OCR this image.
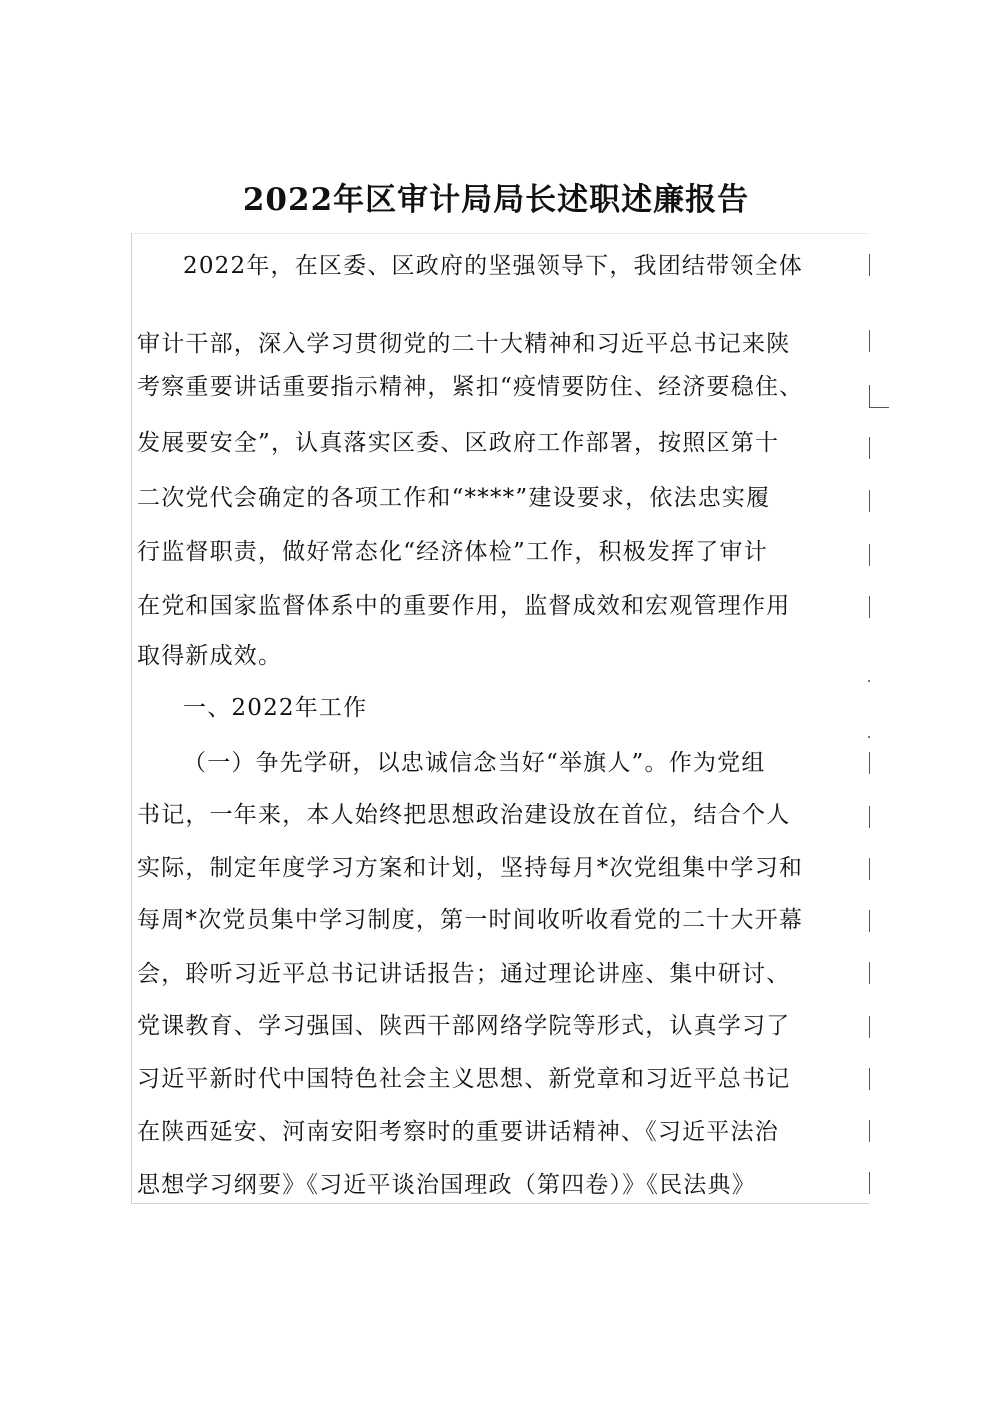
2022年区审计局局长述职述廉报告
2022年，在区委、区政府的坚强领导下，我团结带领全体
审计干部，深入学习贯彻党的二十大精神和习近平总书记来陕
考察重要讲话重要指示精神，紧扣“疫情要防住、经济要稳住、
发展要安全”，认真落实区委、区政府工作部署，按照区第十
二次党代会确定的各项工作和“****”建设要求，依法忠实履
行监督职责，做好常态化“经济体检”工作，积极发挥了审计
在党和国家监督体系中的重要作用，监督成效和宏观管理作用
取得新成效。
一、2022年工作
（一）争先学研，以忠诚信念当好“举旗人”。作为党组
书记，一年来，本人始终把思想政治建设放在首位，结合个人
实际，制定年度学习方案和计划，坚持每月*次党组集中学习和
每周*次党员集中学习制度，第一时间收听收看党的二十大开幕
会，聆听习近平总书记讲话报告；通过理论讲座、集中研讨、
党课教育、学习强国、陕西干部网络学院等形式，认真学习了
习近平新时代中国特色社会主义思想、新党章和习近平总书记
在陕西延安、河南安阳考察时的重要讲话精神、《习近平法治
思想学习纲要》《习近平谈治国理政（第四卷）》《民法典》
